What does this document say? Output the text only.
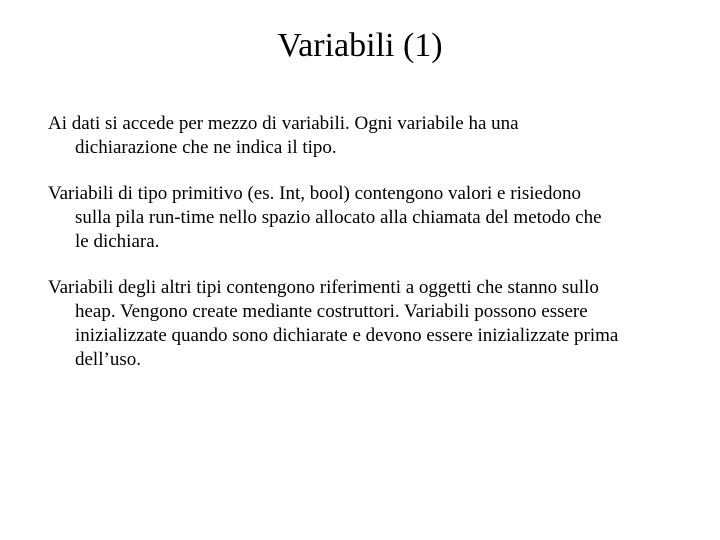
Variabili (1)

Ai dati si accede per mezzo di variabili. Ogni variabile ha una
dichiarazione che ne indica il tipo.

Variabili di tipo primitivo (es. Int, bool) contengono valori e risiedono
sulla pila run-time nello spazio allocato alla chiamata del metodo che
le dichiara.

Variabili degli altri tipi contengono riferimenti a oggetti che stanno sullo
heap. Vengono create mediante costruttori. Variabili possono essere
inizializzate quando sono dichiarate e devono essere inizializzate prima
dell’uso.
